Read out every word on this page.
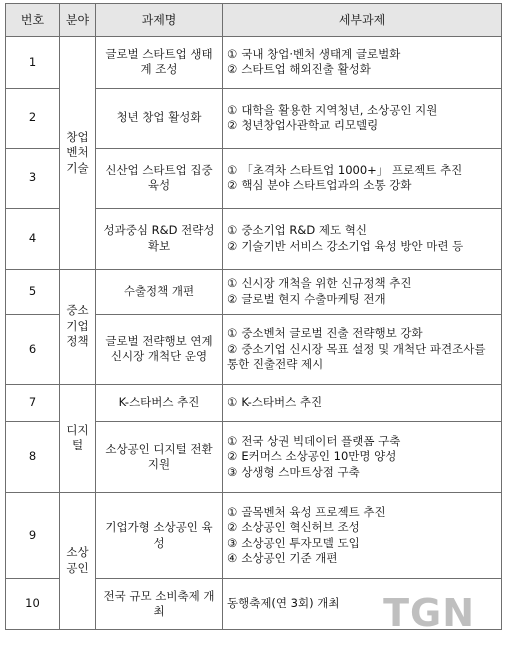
번호	분야	과제명	세부과제
1	창업벤처기술	글로벌 스타트업 생태계 조성	① 국내 창업·벤처 생태계 글로벌화
② 스타트업 해외진출 활성화

2		청년 창업 활성화	① 대학을 활용한 지역청년, 소상공인 지원
② 청년창업사관학교 리모델링

3		신산업 스타트업 집중 육성	① 「초격차 스타트업 1000+」 프로젝트 추진
② 핵심 분야 스타트업과의 소통 강화

4		성과중심 R&D 전략성 확보	① 중소기업 R&D 제도 혁신
② 기술기반 서비스 강소기업 육성 방안 마련 등

5	중소기업 정책	수출정책 개편	① 신시장 개척을 위한 신규정책 추진
② 글로벌 현지 수출마케팅 전개

6		글로벌 전략행보 연계 신시장 개척단 운영	① 중소벤처 글로벌 진출 전략행보 강화
② 중소기업 신시장 목표 설정 및 개척단 파견조사를 통한 진출전략 제시

7	디지털	K-스타버스 추진	① K-스타버스 추진

8		소상공인 디지털 전환 지원	① 전국 상권 빅데이터 플랫폼 구축
② E커머스 소상공인 10만명 양성
③ 상생형 스마트상점 구축

9	소상공인	기업가형 소상공인 육성	① 골목벤처 육성 프로젝트 추진
② 소상공인 혁신허브 조성
③ 소상공인 투자모델 도입
④ 소상공인 기준 개편

10		전국 규모 소비축제 개최	동행축제(연 3회) 개최	TGN
